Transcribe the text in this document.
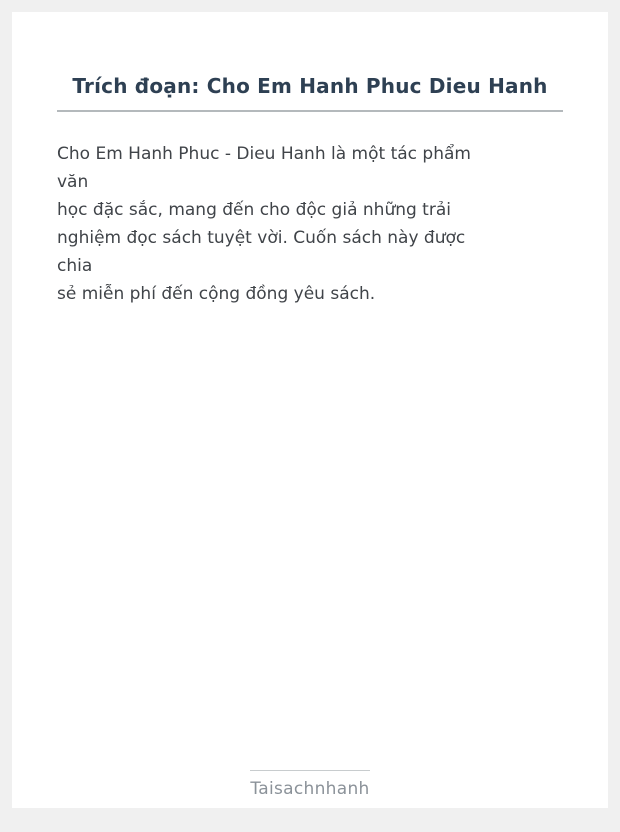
Trích đoạn: Cho Em Hanh Phuc Dieu Hanh
Cho Em Hanh Phuc - Dieu Hanh là một tác phẩm
văn
học đặc sắc, mang đến cho độc giả những trải
nghiệm đọc sách tuyệt vời. Cuốn sách này được
chia
sẻ miễn phí đến cộng đồng yêu sách.
Taisachnhanh
